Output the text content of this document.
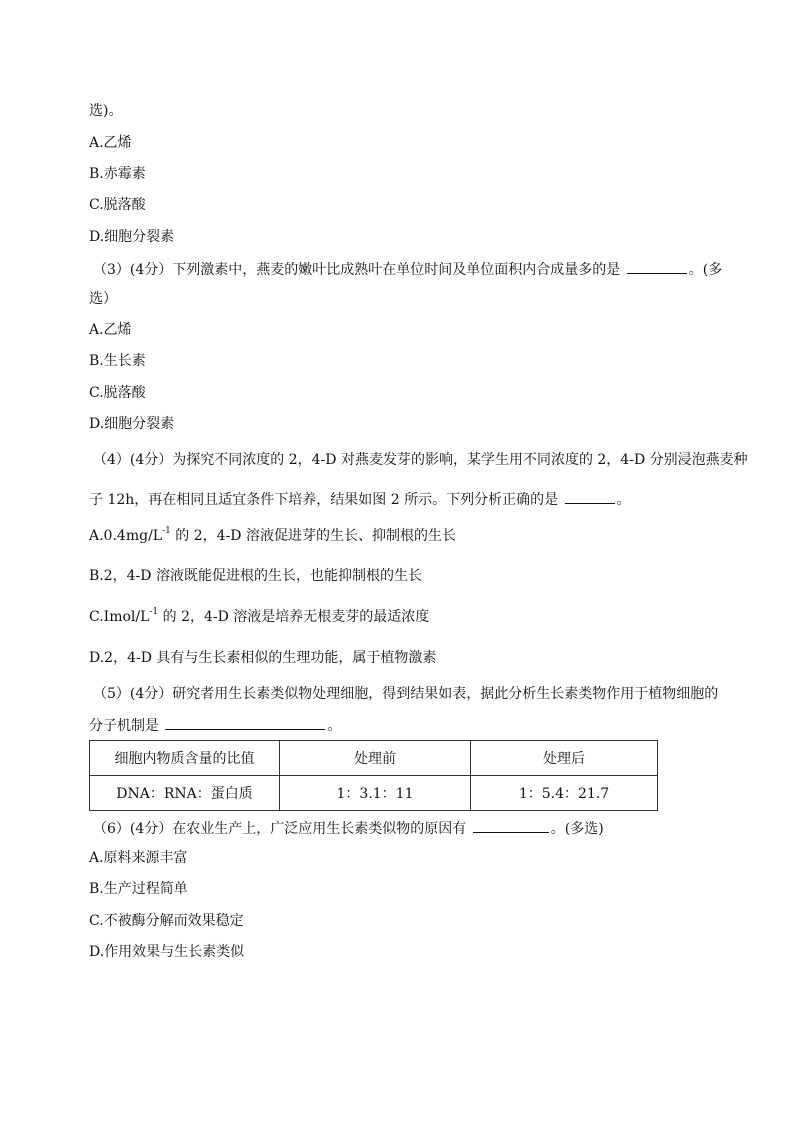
选)。
A.乙烯
B.赤霉素
C.脱落酸
D.细胞分裂素
（3）(4分）下列激素中，燕麦的嫩叶比成熟叶在单位时间及单位面积内合成量多的是	。(多
选）
A.乙烯
B.生长素
C.脱落酸
D.细胞分裂素
（4）(4分）为探究不同浓度的 2，4-D 对燕麦发芽的影响，某学生用不同浓度的 2，4-D 分别浸泡燕麦种
子 12h，再在相同且适宜条件下培养，结果如图 2 所示。下列分析正确的是	。
$A.0.4mg/L^{-1}$ 的 2，4-D 溶液促进芽的生长、抑制根的生长
B.2，4-D 溶液既能促进根的生长，也能抑制根的生长
$C.Imol/L^{-1}$ 的 2，4-D 溶液是培养无根麦芽的最适浓度
D.2，4-D 具有与生长素相似的生理功能，属于植物激素
（5）(4分）研究者用生长素类似物处理细胞，得到结果如表，据此分析生长素类物作用于植物细胞的
分子机制是	。
细胞内物质含量的比值	处理前	处理后
DNA：RNA：蛋白质	1：3.1：11	1：5.4：21.7
（6）(4分）在农业生产上，广泛应用生长素类似物的原因有	。(多选)
A.原料来源丰富
B.生产过程简单
C.不被酶分解而效果稳定
D.作用效果与生长素类似
